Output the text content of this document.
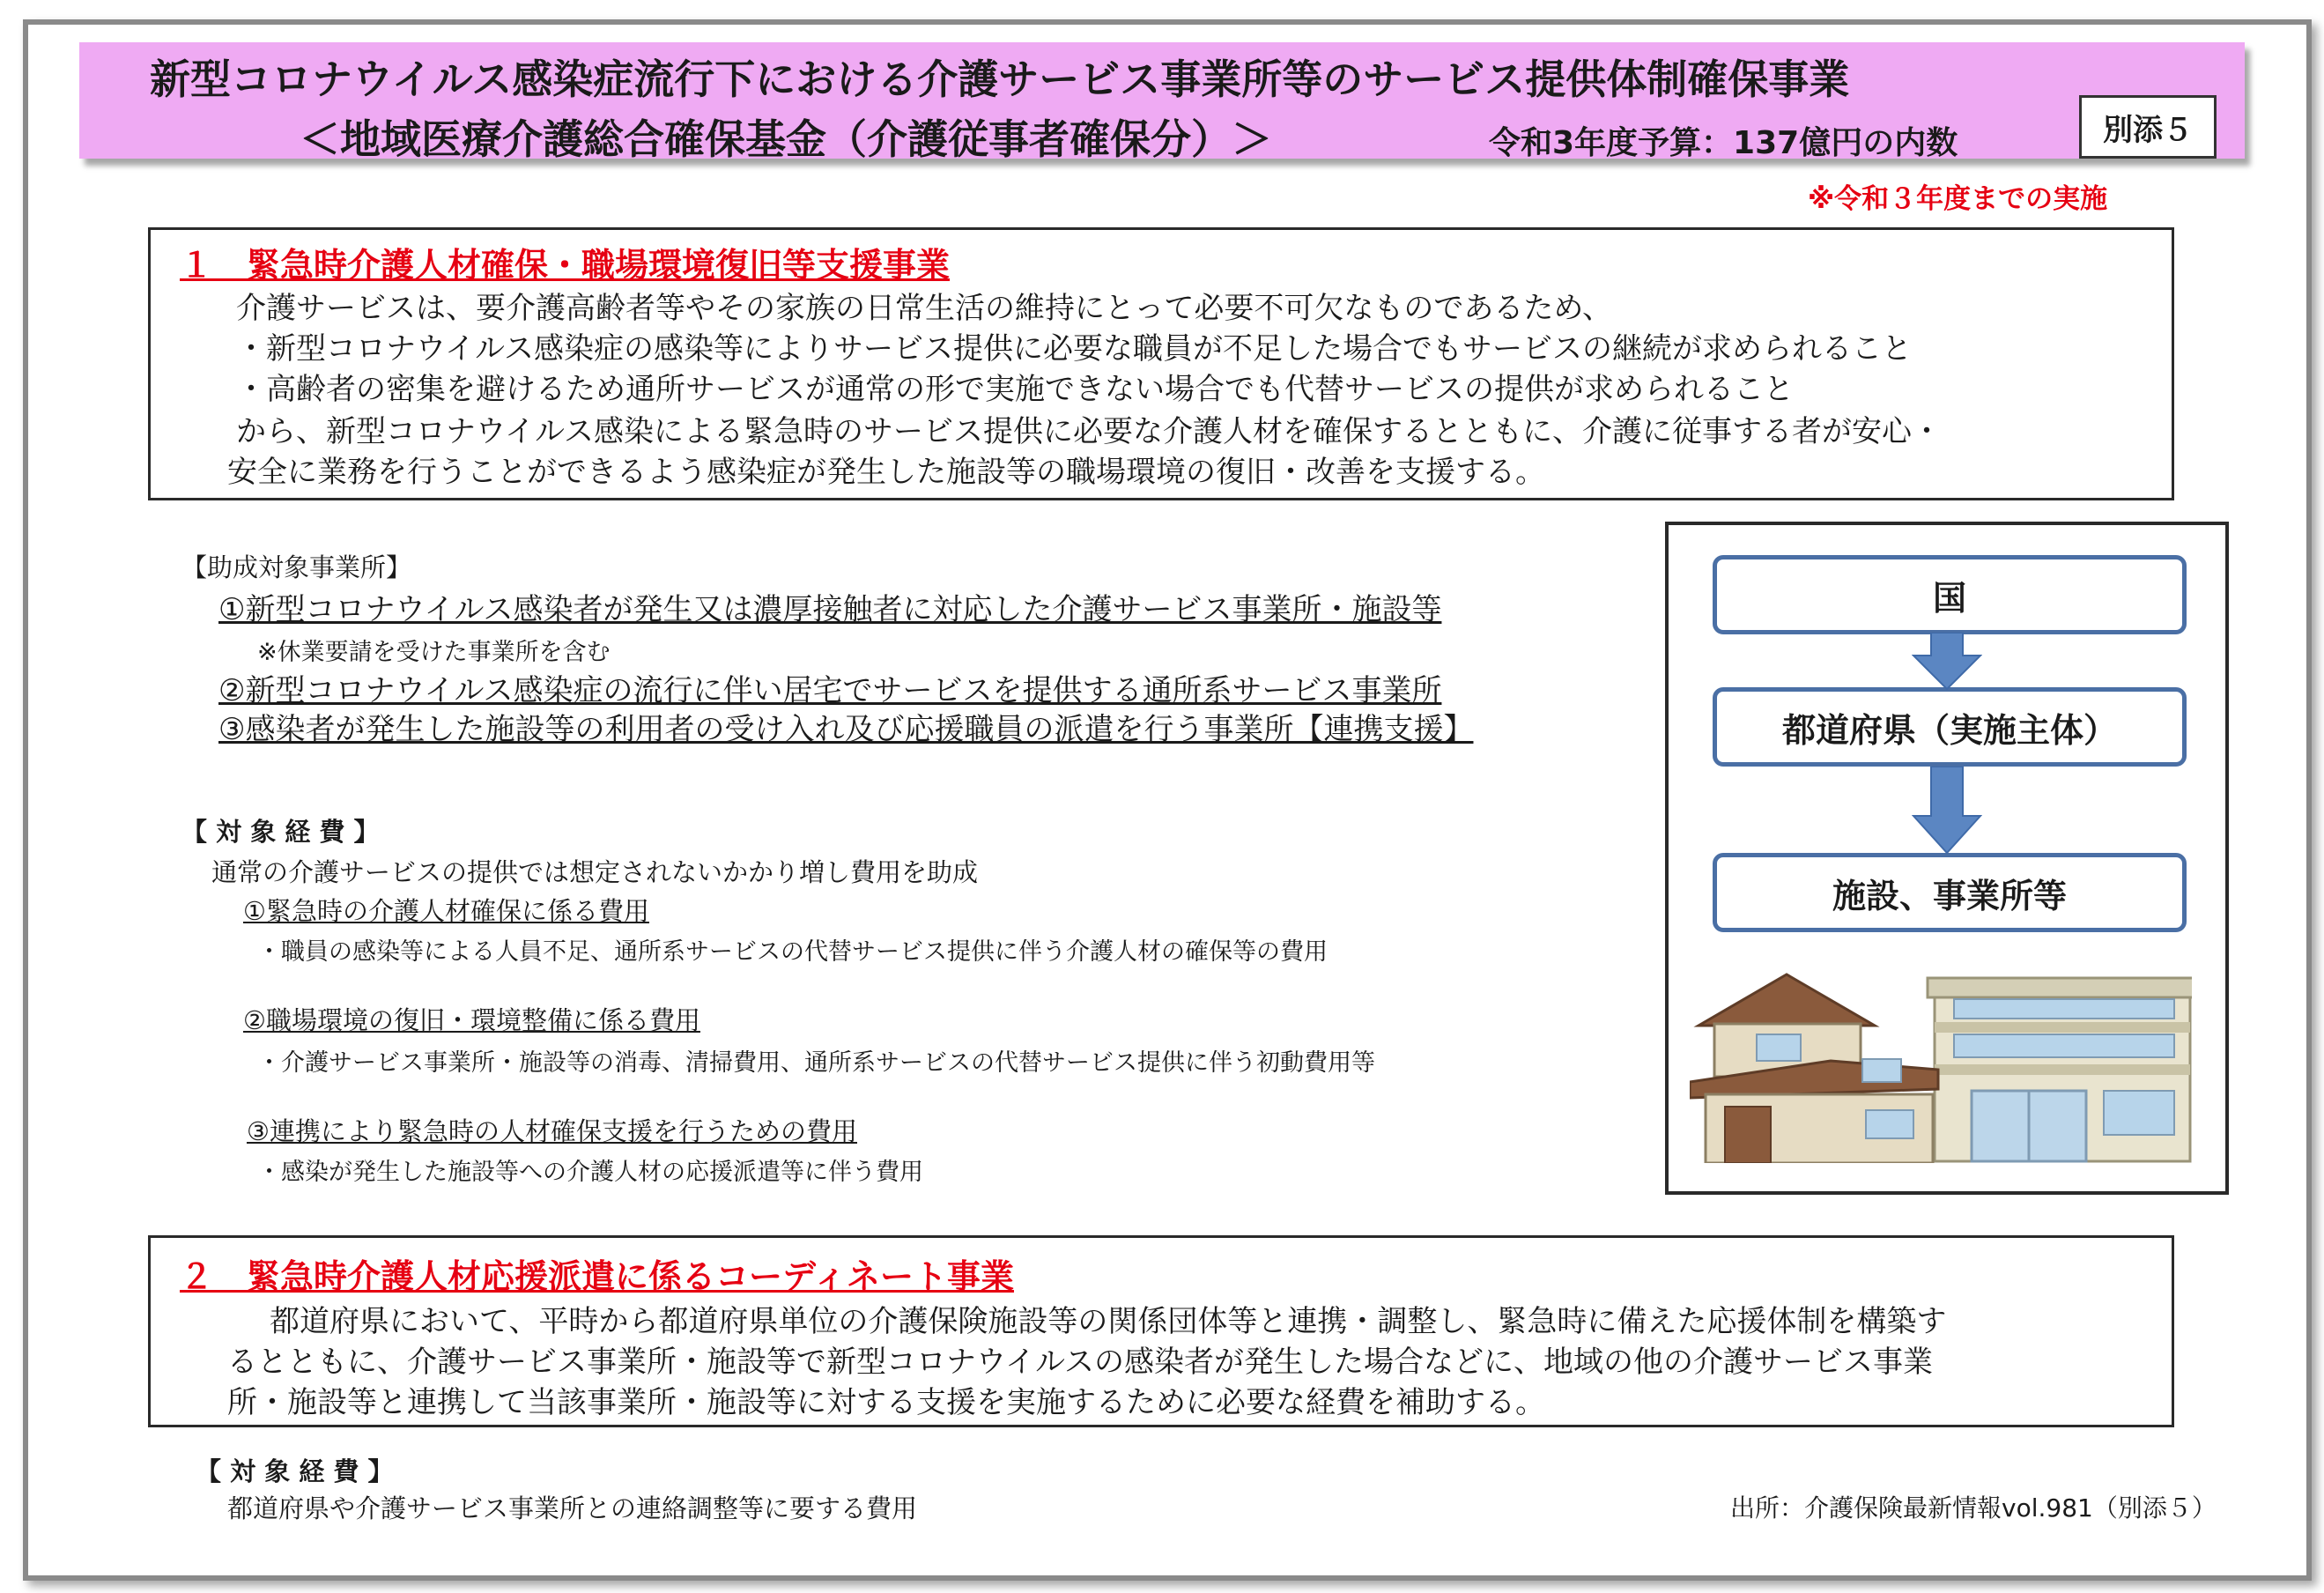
新型コロナウイルス感染症流行下における介護サービス事業所等のサービス提供体制確保事業
＜地域医療介護総合確保基金（介護従事者確保分）＞	令和3年度予算：137億円の内数	別添５
※令和３年度までの実施
１　緊急時介護人材確保・職場環境復旧等支援事業
介護サービスは、要介護高齢者等やその家族の日常生活の維持にとって必要不可欠なものであるため、
・新型コロナウイルス感染症の感染等によりサービス提供に必要な職員が不足した場合でもサービスの継続が求められること
・高齢者の密集を避けるため通所サービスが通常の形で実施できない場合でも代替サービスの提供が求められること
から、新型コロナウイルス感染による緊急時のサービス提供に必要な介護人材を確保するとともに、介護に従事する者が安心・
安全に業務を行うことができるよう感染症が発生した施設等の職場環境の復旧・改善を支援する。
【助成対象事業所】
①新型コロナウイルス感染者が発生又は濃厚接触者に対応した介護サービス事業所・施設等
※休業要請を受けた事業所を含む
②新型コロナウイルス感染症の流行に伴い居宅でサービスを提供する通所系サービス事業所
③感染者が発生した施設等の利用者の受け入れ及び応援職員の派遣を行う事業所【連携支援】
【 対 象 経 費 】
通常の介護サービスの提供では想定されないかかり増し費用を助成
①緊急時の介護人材確保に係る費用
・職員の感染等による人員不足、通所系サービスの代替サービス提供に伴う介護人材の確保等の費用
②職場環境の復旧・環境整備に係る費用
・介護サービス事業所・施設等の消毒、清掃費用、通所系サービスの代替サービス提供に伴う初動費用等
③連携により緊急時の人材確保支援を行うための費用
・感染が発生した施設等への介護人材の応援派遣等に伴う費用
国
都道府県（実施主体）
施設、事業所等
２　緊急時介護人材応援派遣に係るコーディネート事業
都道府県において、平時から都道府県単位の介護保険施設等の関係団体等と連携・調整し、緊急時に備えた応援体制を構築す
るとともに、介護サービス事業所・施設等で新型コロナウイルスの感染者が発生した場合などに、地域の他の介護サービス事業
所・施設等と連携して当該事業所・施設等に対する支援を実施するために必要な経費を補助する。
【 対 象 経 費 】
都道府県や介護サービス事業所との連絡調整等に要する費用	出所：介護保険最新情報vol.981（別添５）
